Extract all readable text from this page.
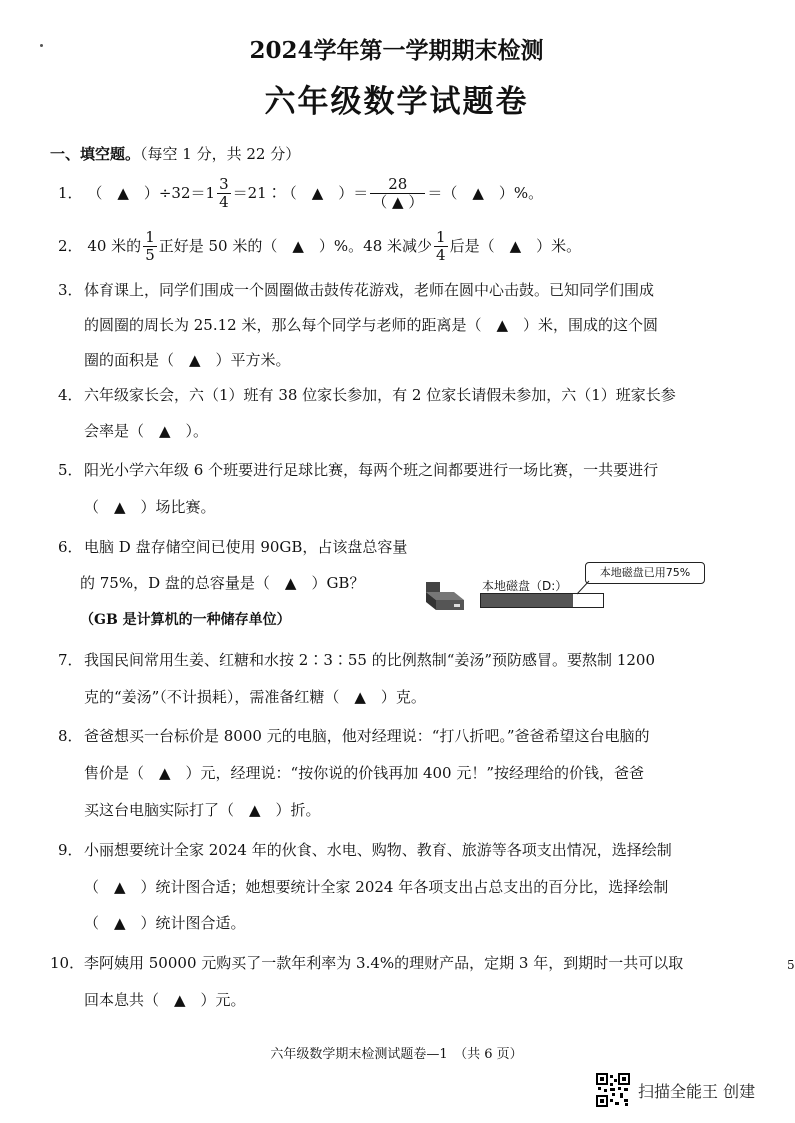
2024学年第一学期期末检测
六年级数学试题卷
一、填空题。（每空 1 分，共 22 分）
1． （　▲　）$\div 32=1 \frac{3}{4}$ ＝21∶（　▲　）＝ $\frac{28}{( ▲ )}$ ＝（　▲　）%。
2． 40 米的 $\frac{1}{5}$ 正好是 50 米的（　▲　）%。48 米减少 $\frac{1}{4}$ 后是（　▲　）米。
3． 体育课上，同学们围成一个圆圈做击鼓传花游戏，老师在圆中心击鼓。已知同学们围成
的圆圈的周长为 25.12 米，那么每个同学与老师的距离是（　▲　）米，围成的这个圆
圈的面积是（　▲　）平方米。
4． 六年级家长会，六（1）班有 38 位家长参加，有 2 位家长请假未参加，六（1）班家长参
会率是（　▲　）。
5． 阳光小学六年级 6 个班要进行足球比赛，每两个班之间都要进行一场比赛，一共要进行
（　▲　）场比赛。
6． 电脑 D 盘存储空间已使用 90GB，占该盘总容量
的 75%，D 盘的总容量是（　▲　）GB？
（GB 是计算机的一种储存单位）
本地磁盘（D:）
本地磁盘已用75%
7． 我国民间常用生姜、红糖和水按 2∶3∶55 的比例熬制“姜汤”预防感冒。要熬制 1200
克的“姜汤”（不计损耗），需准备红糖（　▲　）克。
8． 爸爸想买一台标价是 8000 元的电脑，他对经理说：“打八折吧。”爸爸希望这台电脑的
售价是（　▲　）元，经理说：“按你说的价钱再加 400 元！”按经理给的价钱，爸爸
买这台电脑实际打了（　▲　）折。
9． 小丽想要统计全家 2024 年的伙食、水电、购物、教育、旅游等各项支出情况，选择绘制
（　▲　）统计图合适；她想要统计全家 2024 年各项支出占总支出的百分比，选择绘制
（　▲　）统计图合适。
10． 李阿姨用 50000 元购买了一款年利率为 3.4%的理财产品，定期 3 年，到期时一共可以取
回本息共（　▲　）元。
5
六年级数学期末检测试题卷—1　（共 6 页）
扫描全能王 创建
